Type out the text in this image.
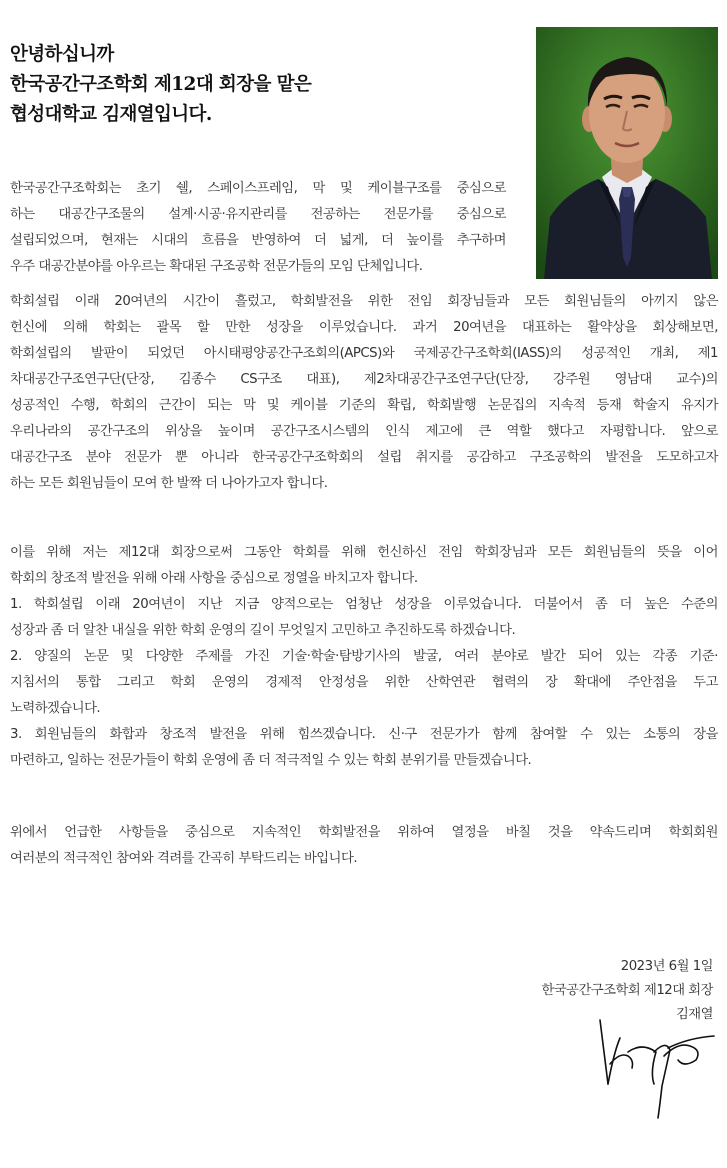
안녕하십니까
한국공간구조학회 제12대 회장을 맡은
협성대학교 김재열입니다.
한국공간구조학회는 초기 쉘, 스페이스프레임, 막 및 케이블구조를 중심으로
하는 대공간구조물의 설계·시공·유지관리를 전공하는 전문가를 중심으로
설립되었으며, 현재는 시대의 흐름을 반영하여 더 넓게, 더 높이를 추구하며
우주 대공간분야를 아우르는 확대된 구조공학 전문가들의 모임 단체입니다.
학회설립 이래 20여년의 시간이 흘렀고, 학회발전을 위한 전임 회장님들과 모든 회원님들의 아끼지 않은
헌신에 의해 학회는 괄목 할 만한 성장을 이루었습니다. 과거 20여년을 대표하는 활약상을 회상해보면,
학회설립의 발판이 되었던 아시태평양공간구조회의(APCS)와 국제공간구조학회(IASS)의 성공적인 개최, 제1
차대공간구조연구단(단장, 김종수 CS구조 대표), 제2차대공간구조연구단(단장, 강주원 영남대 교수)의
성공적인 수행, 학회의 근간이 되는 막 및 케이블 기준의 확립, 학회발행 논문집의 지속적 등재 학술지 유지가
우리나라의 공간구조의 위상을 높이며 공간구조시스템의 인식 제고에 큰 역할 했다고 자평합니다. 앞으로
대공간구조 분야 전문가 뿐 아니라 한국공간구조학회의 설립 취지를 공감하고 구조공학의 발전을 도모하고자
하는 모든 회원님들이 모여 한 발짝 더 나아가고자 합니다.
이를 위해 저는 제12대 회장으로써 그동안 학회를 위해 헌신하신 전임 학회장님과 모든 회원님들의 뜻을 이어
학회의 창조적 발전을 위해 아래 사항을 중심으로 정열을 바치고자 합니다.
1. 학회설립 이래 20여년이 지난 지금 양적으로는 엄청난 성장을 이루었습니다. 더불어서 좀 더 높은 수준의
성장과 좀 더 알찬 내실을 위한 학회 운영의 길이 무엇일지 고민하고 추진하도록 하겠습니다.
2. 양질의 논문 및 다양한 주제를 가진 기술·학술·탐방기사의 발굴, 여러 분야로 발간 되어 있는 각종 기준·
지침서의 통합 그리고 학회 운영의 경제적 안정성을 위한 산학연관 협력의 장 확대에 주안점을 두고
노력하겠습니다.
3. 회원님들의 화합과 창조적 발전을 위해 힘쓰겠습니다. 신·구 전문가가 함께 참여할 수 있는 소통의 장을
마련하고, 일하는 전문가들이 학회 운영에 좀 더 적극적일 수 있는 학회 분위기를 만들겠습니다.
위에서 언급한 사항들을 중심으로 지속적인 학회발전을 위하여 열정을 바칠 것을 약속드리며 학회회원
여러분의 적극적인 참여와 격려를 간곡히 부탁드리는 바입니다.
2023년 6월 1일
한국공간구조학회 제12대 회장
김재열
